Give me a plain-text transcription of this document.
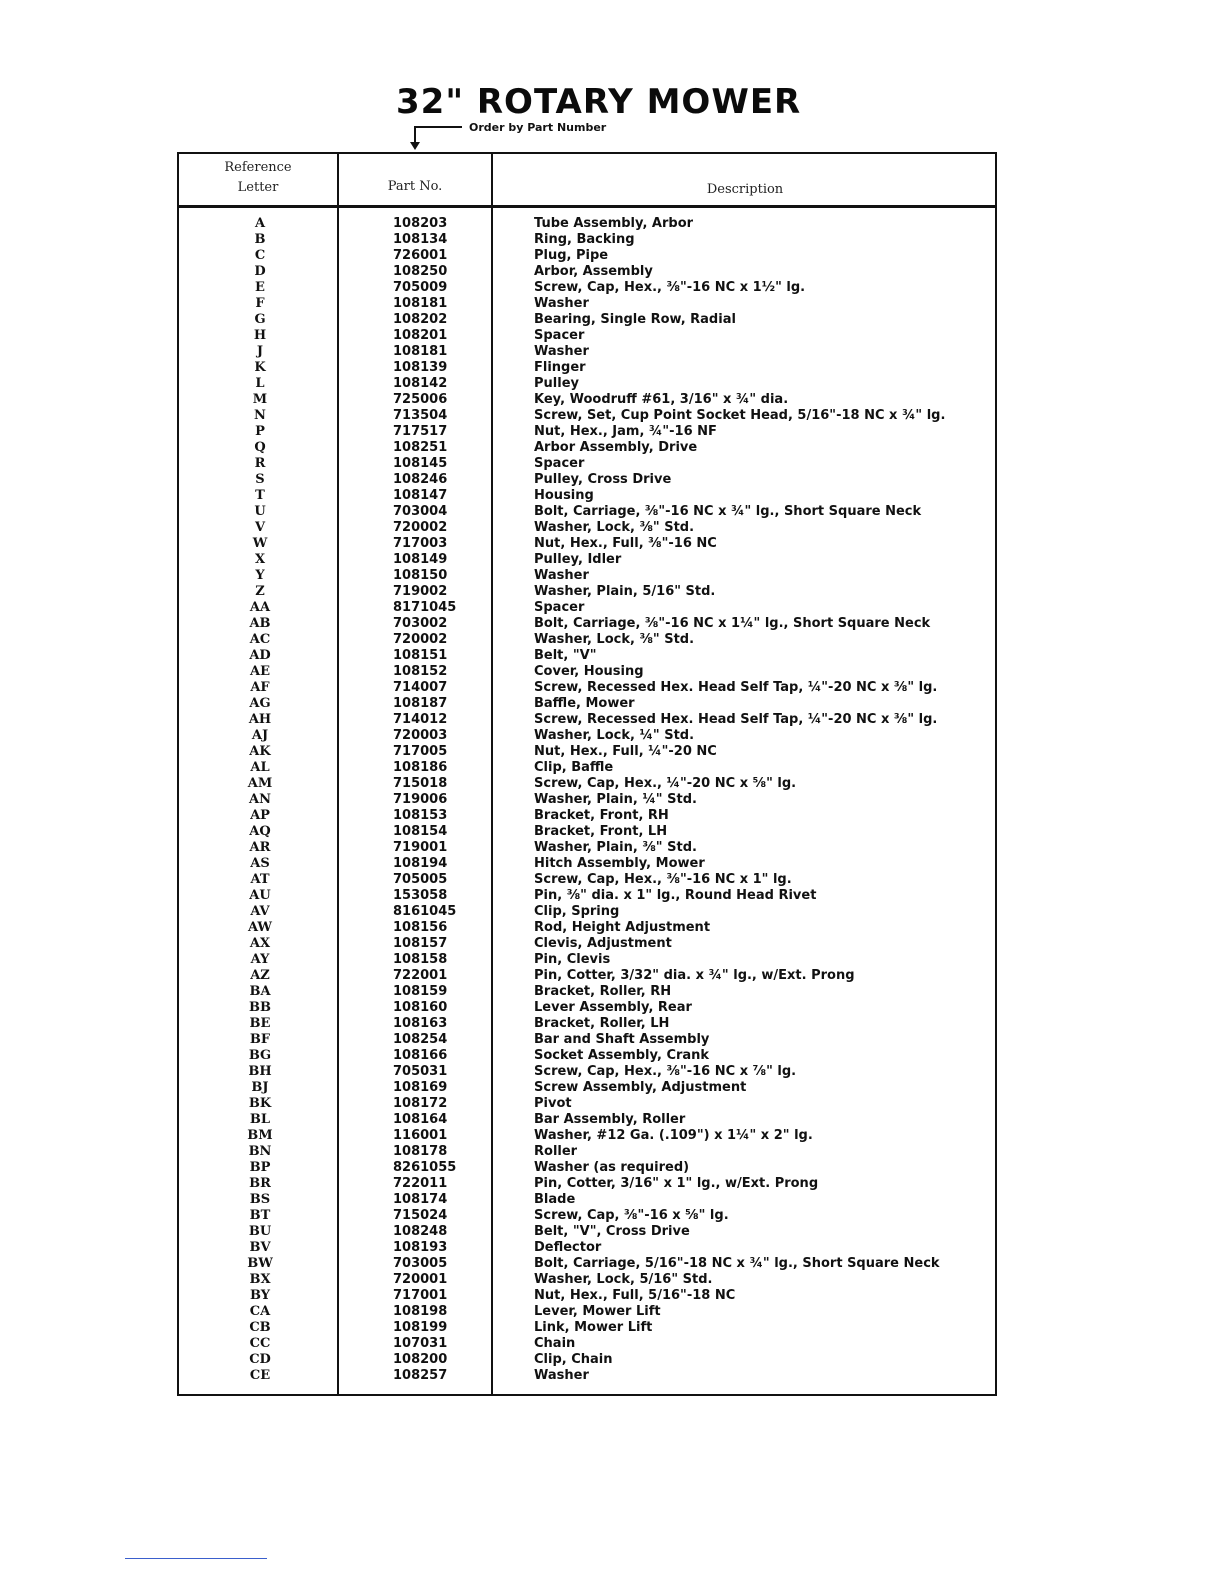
32" ROTARY MOWER
Order by Part Number
Reference
Letter	Part No.	Description
A	108203	Tube Assembly, Arbor
B	108134	Ring, Backing
C	726001	Plug, Pipe
D	108250	Arbor, Assembly
E	705009	Screw, Cap, Hex., ⅜"-16 NC x 1½" lg.
F	108181	Washer
G	108202	Bearing, Single Row, Radial
H	108201	Spacer
J	108181	Washer
K	108139	Flinger
L	108142	Pulley
M	725006	Key, Woodruff #61, 3/16" x ¾" dia.
N	713504	Screw, Set, Cup Point Socket Head, 5/16"-18 NC x ¾" lg.
P	717517	Nut, Hex., Jam, ¾"-16 NF
Q	108251	Arbor Assembly, Drive
R	108145	Spacer
S	108246	Pulley, Cross Drive
T	108147	Housing
U	703004	Bolt, Carriage, ⅜"-16 NC x ¾" lg., Short Square Neck
V	720002	Washer, Lock, ⅜" Std.
W	717003	Nut, Hex., Full, ⅜"-16 NC
X	108149	Pulley, Idler
Y	108150	Washer
Z	719002	Washer, Plain, 5/16" Std.
AA	8171045	Spacer
AB	703002	Bolt, Carriage, ⅜"-16 NC x 1¼" lg., Short Square Neck
AC	720002	Washer, Lock, ⅜" Std.
AD	108151	Belt, "V"
AE	108152	Cover, Housing
AF	714007	Screw, Recessed Hex. Head Self Tap, ¼"-20 NC x ⅜" lg.
AG	108187	Baffle, Mower
AH	714012	Screw, Recessed Hex. Head Self Tap, ¼"-20 NC x ⅜" lg.
AJ	720003	Washer, Lock, ¼" Std.
AK	717005	Nut, Hex., Full, ¼"-20 NC
AL	108186	Clip, Baffle
AM	715018	Screw, Cap, Hex., ¼"-20 NC x ⅝" lg.
AN	719006	Washer, Plain, ¼" Std.
AP	108153	Bracket, Front, RH
AQ	108154	Bracket, Front, LH
AR	719001	Washer, Plain, ⅜" Std.
AS	108194	Hitch Assembly, Mower
AT	705005	Screw, Cap, Hex., ⅜"-16 NC x 1" lg.
AU	153058	Pin, ⅜" dia. x 1" lg., Round Head Rivet
AV	8161045	Clip, Spring
AW	108156	Rod, Height Adjustment
AX	108157	Clevis, Adjustment
AY	108158	Pin, Clevis
AZ	722001	Pin, Cotter, 3/32" dia. x ¾" lg., w/Ext. Prong
BA	108159	Bracket, Roller, RH
BB	108160	Lever Assembly, Rear
BE	108163	Bracket, Roller, LH
BF	108254	Bar and Shaft Assembly
BG	108166	Socket Assembly, Crank
BH	705031	Screw, Cap, Hex., ⅜"-16 NC x ⅞" lg.
BJ	108169	Screw Assembly, Adjustment
BK	108172	Pivot
BL	108164	Bar Assembly, Roller
BM	116001	Washer, #12 Ga. (.109") x 1¼" x 2" lg.
BN	108178	Roller
BP	8261055	Washer (as required)
BR	722011	Pin, Cotter, 3/16" x 1" lg., w/Ext. Prong
BS	108174	Blade
BT	715024	Screw, Cap, ⅜"-16 x ⅝" lg.
BU	108248	Belt, "V", Cross Drive
BV	108193	Deflector
BW	703005	Bolt, Carriage, 5/16"-18 NC x ¾" lg., Short Square Neck
BX	720001	Washer, Lock, 5/16" Std.
BY	717001	Nut, Hex., Full, 5/16"-18 NC
CA	108198	Lever, Mower Lift
CB	108199	Link, Mower Lift
CC	107031	Chain
CD	108200	Clip, Chain
CE	108257	Washer
